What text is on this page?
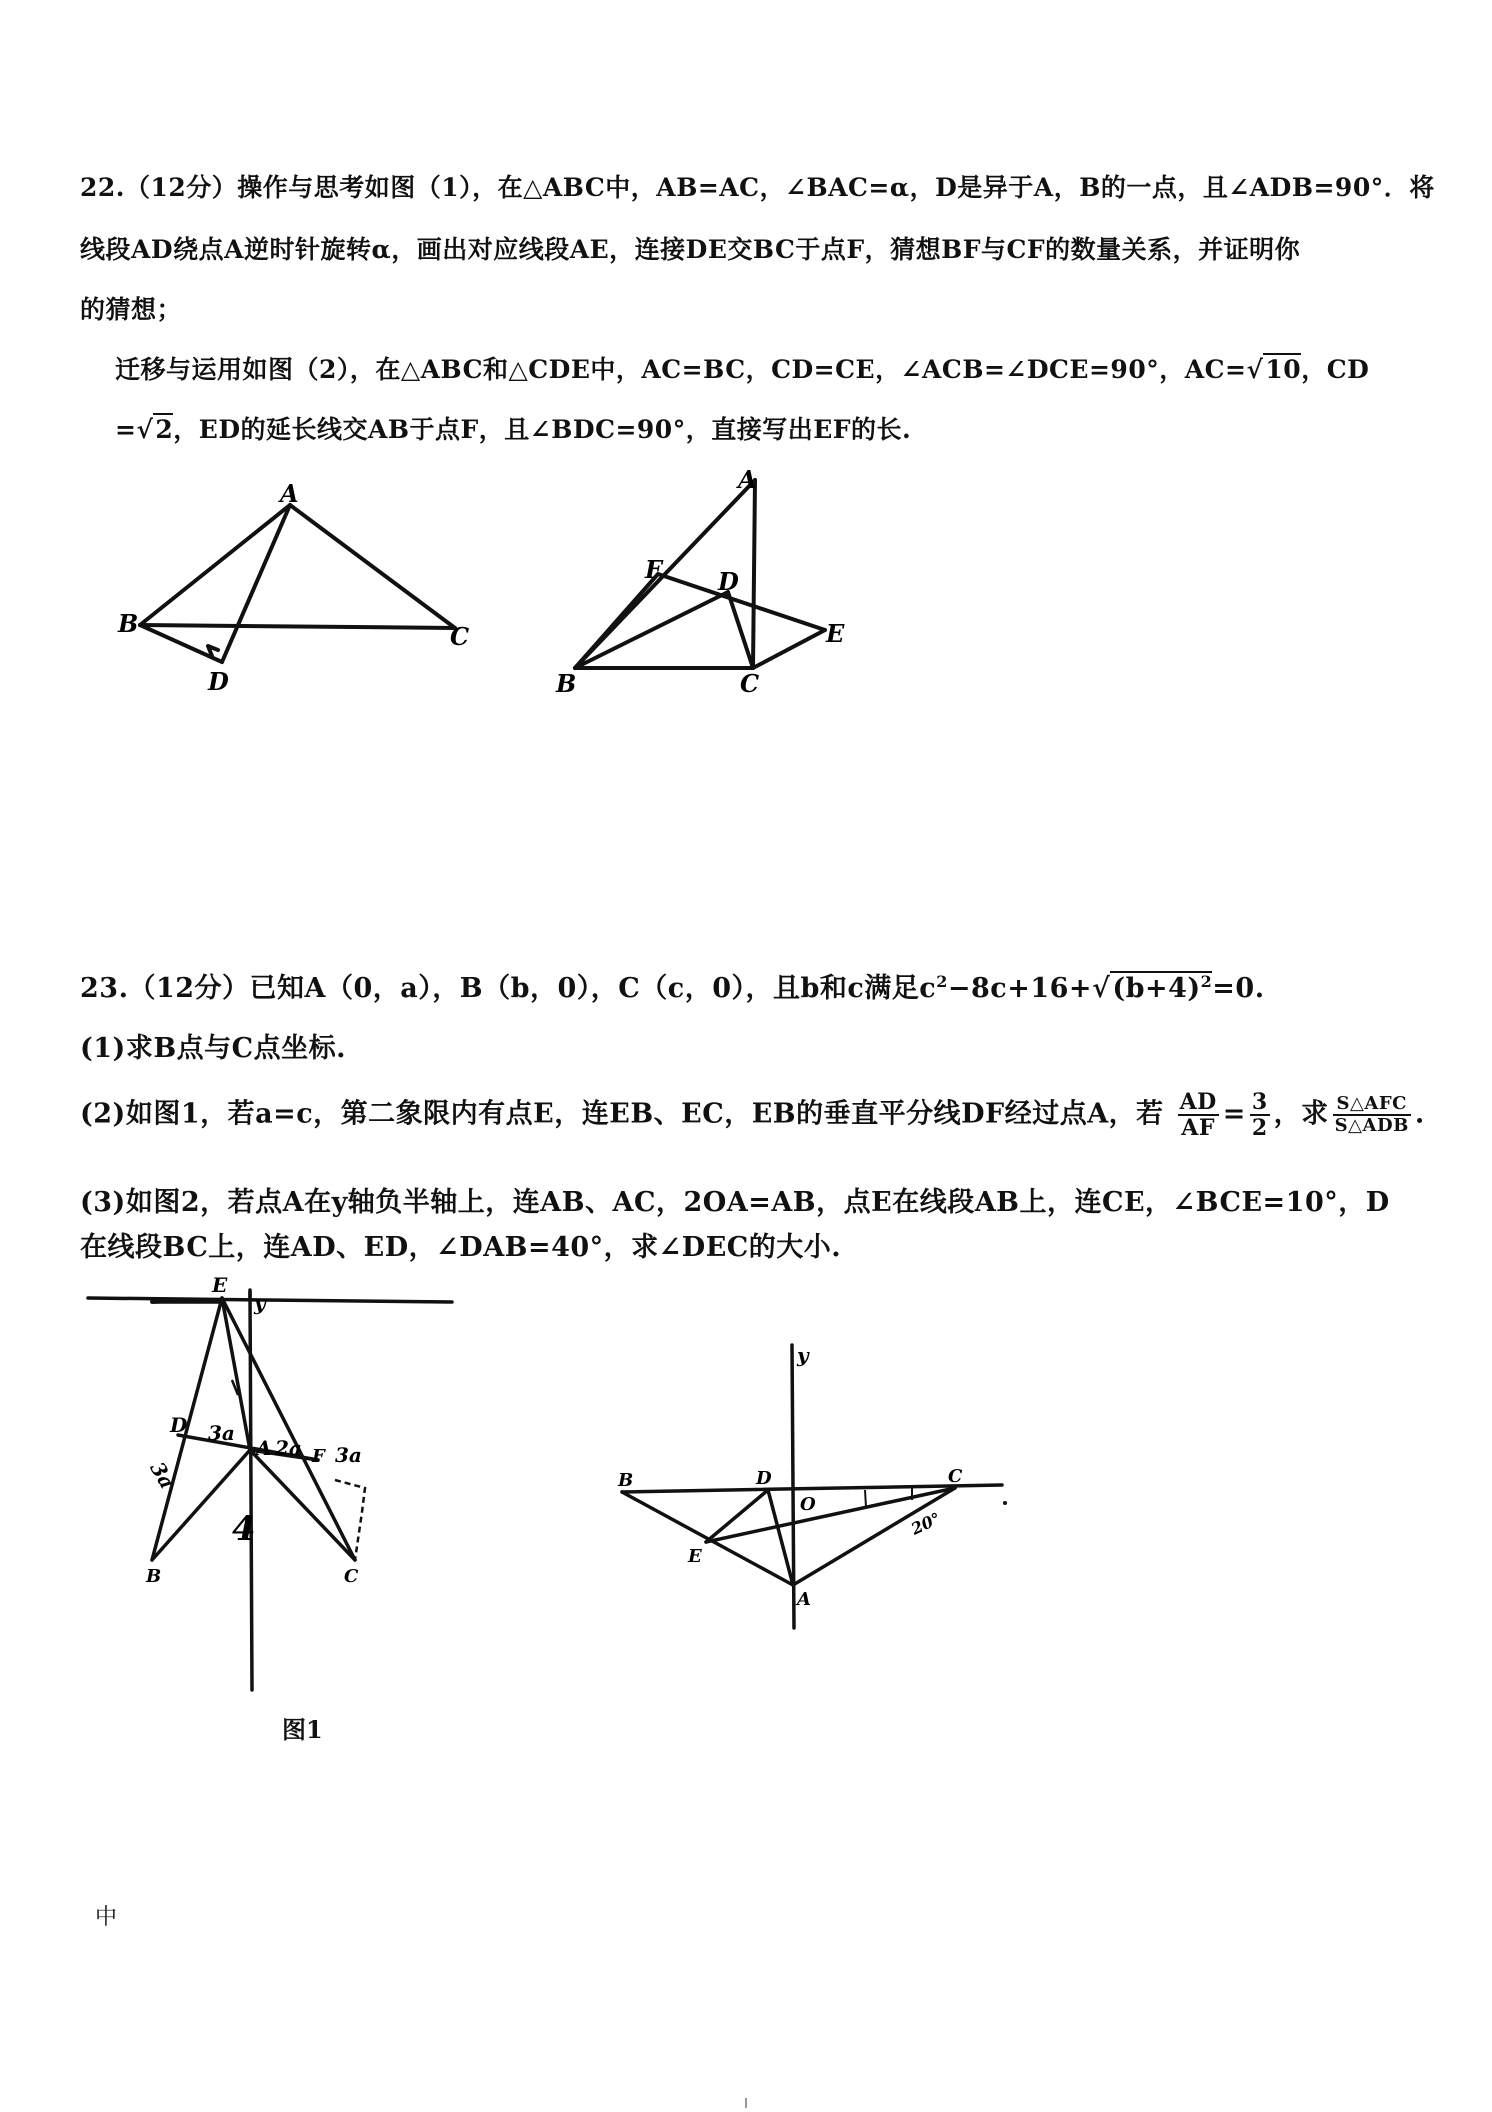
22.（12分）操作与思考如图（1），在△ABC中，AB=AC，∠BAC=α，D是异于A，B的一点，且∠ADB=90°．将
线段AD绕点A逆时针旋转α，画出对应线段AE，连接DE交BC于点F，猜想BF与CF的数量关系，并证明你
的猜想；
迁移与运用如图（2），在△ABC和△CDE中，AC=BC，CD=CE，∠ACB=∠DCE=90°，AC=√10，CD
=√2，ED的延长线交AB于点F，且∠BDC=90°，直接写出EF的长.
A
B	C
D
A
F D
E
B	C
23.（12分）已知A（0，a），B（b，0），C（c，0），且b和c满足$c^2-8c+16+√(b+4)^2=0$.
(1)求B点与C点坐标.
(2)如图1，若a=c，第二象限内有点E，连EB、EC，EB的垂直平分线DF经过点A，若 $\frac{AD}{AF} = \frac{3}{2}$ ，求 $\frac{\text{S△AFC}}{\text{S△ADB}}$ .
(3)如图2，若点A在y轴负半轴上，连AB、AC，2OA=AB，点E在线段AB上，连CE，∠BCE=10°，D
在线段BC上，连AD、ED，∠DAB=40°，求∠DEC的大小.
E
y
D 3a
A 2a F 3a
3a
4
B	C
图1
y
B	D
O
C
20°
E
A
中
